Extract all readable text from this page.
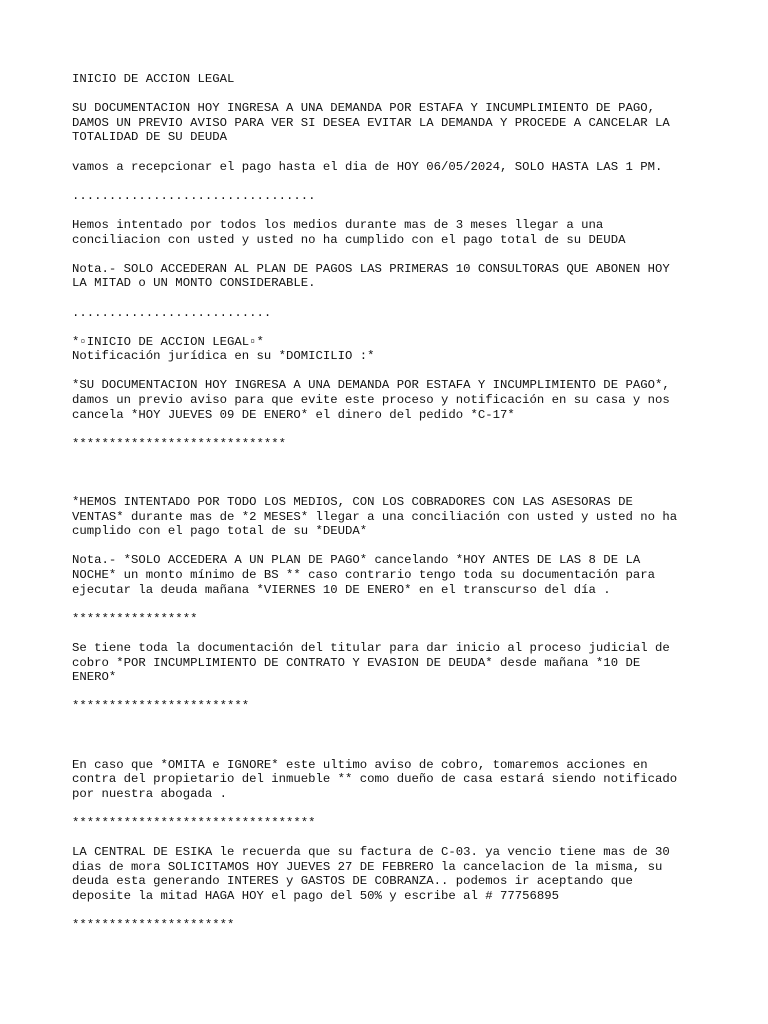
INICIO DE ACCION LEGAL

SU DOCUMENTACION HOY INGRESA A UNA DEMANDA POR ESTAFA Y INCUMPLIMIENTO DE PAGO,
DAMOS UN PREVIO AVISO PARA VER SI DESEA EVITAR LA DEMANDA Y PROCEDE A CANCELAR LA
TOTALIDAD DE SU DEUDA

vamos a recepcionar el pago hasta el dia de HOY 06/05/2024, SOLO HASTA LAS 1 PM.

.................................

Hemos intentado por todos los medios durante mas de 3 meses llegar a una
conciliacion con usted y usted no ha cumplido con el pago total de su DEUDA

Nota.- SOLO ACCEDERAN AL PLAN DE PAGOS LAS PRIMERAS 10 CONSULTORAS QUE ABONEN HOY
LA MITAD o UN MONTO CONSIDERABLE.

...........................

*▫INICIO DE ACCION LEGAL▫*
Notificación jurídica en su *DOMICILIO :*

*SU DOCUMENTACION HOY INGRESA A UNA DEMANDA POR ESTAFA Y INCUMPLIMIENTO DE PAGO*,
damos un previo aviso para que evite este proceso y notificación en su casa y nos
cancela *HOY JUEVES 09 DE ENERO* el dinero del pedido *C-17*

*****************************

*HEMOS INTENTADO POR TODO LOS MEDIOS, CON LOS COBRADORES CON LAS ASESORAS DE
VENTAS* durante mas de *2 MESES* llegar a una conciliación con usted y usted no ha
cumplido con el pago total de su *DEUDA*

Nota.- *SOLO ACCEDERA A UN PLAN DE PAGO* cancelando *HOY ANTES DE LAS 8 DE LA
NOCHE* un monto mínimo de BS ** caso contrario tengo toda su documentación para
ejecutar la deuda mañana *VIERNES 10 DE ENERO* en el transcurso del día .

*****************

Se tiene toda la documentación del titular para dar inicio al proceso judicial de
cobro *POR INCUMPLIMIENTO DE CONTRATO Y EVASION DE DEUDA* desde mañana *10 DE
ENERO*

************************

En caso que *OMITA e IGNORE* este ultimo aviso de cobro, tomaremos acciones en
contra del propietario del inmueble ** como dueño de casa estará siendo notificado
por nuestra abogada .

*********************************

LA CENTRAL DE ESIKA le recuerda que su factura de C-03. ya vencio tiene mas de 30
dias de mora SOLICITAMOS HOY JUEVES 27 DE FEBRERO la cancelacion de la misma, su
deuda esta generando INTERES y GASTOS DE COBRANZA.. podemos ir aceptando que
deposite la mitad HAGA HOY el pago del 50% y escribe al # 77756895

**********************
